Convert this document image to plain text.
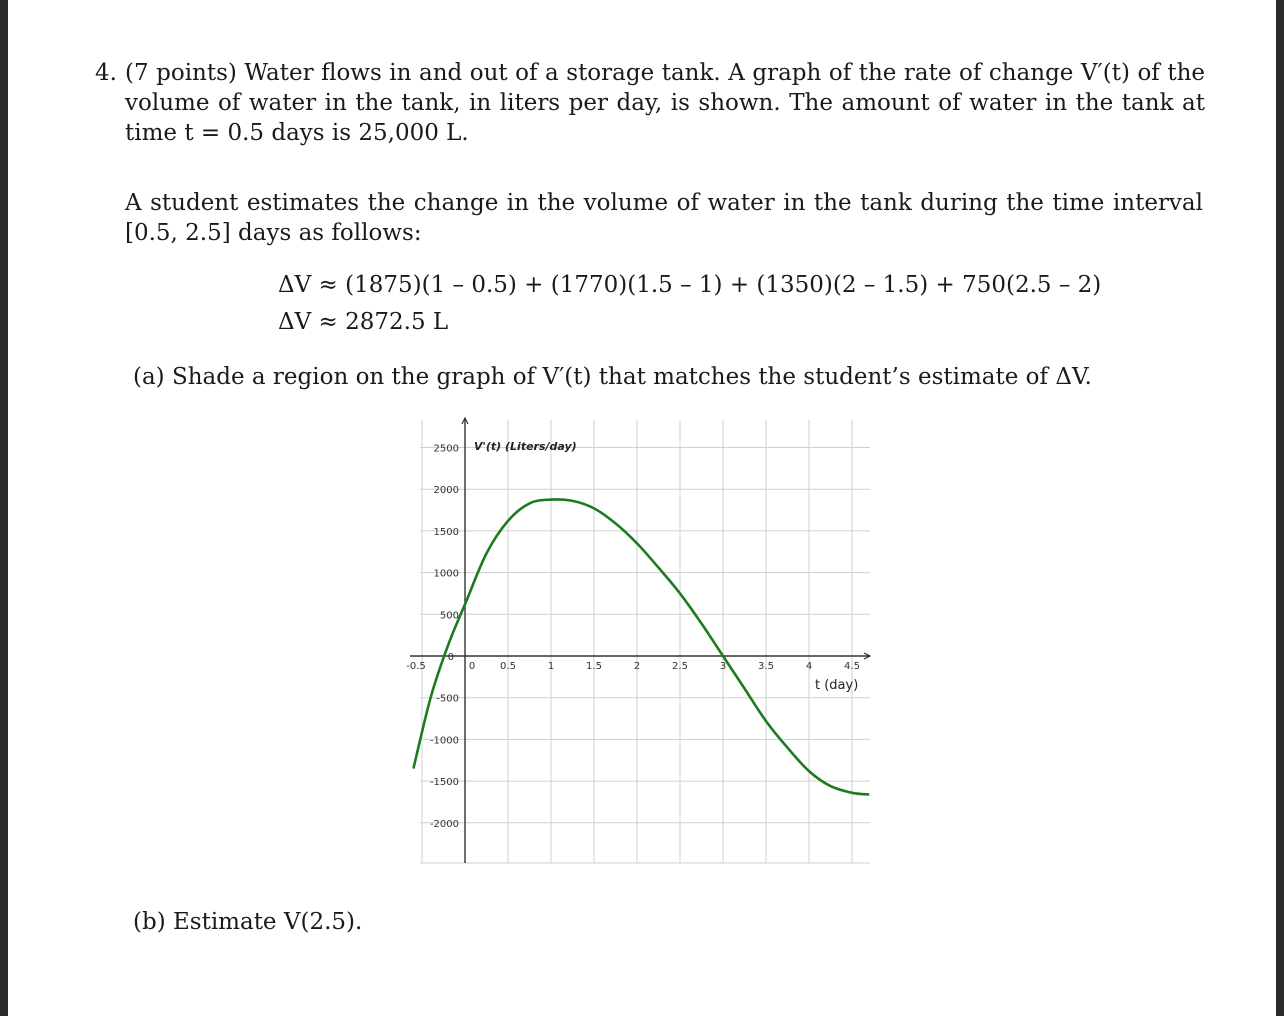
4. (7 points) Water flows in and out of a storage tank. A graph of the rate of change V′(t) of the volume of water in the tank, in liters per day, is shown. The amount of water in the tank at time t = 0.5 days is 25,000 L.
A student estimates the change in the volume of water in the tank during the time interval [0.5, 2.5] days as follows:
ΔV ≈ (1875)(1 – 0.5) + (1770)(1.5 – 1) + (1350)(2 – 1.5) + 750(2.5 – 2)
ΔV ≈ 2872.5 L
(a) Shade a region on the graph of V′(t) that matches the student’s estimate of ΔV.
-0.5	0 0.5	1	1.5	2	2.5	3	3.5	4	4.5
2500
2000
1500
1000
500
0
-500
-1000
-1500
-2000
V'(t) (Liters/day)
t (day)
(b) Estimate V(2.5).
